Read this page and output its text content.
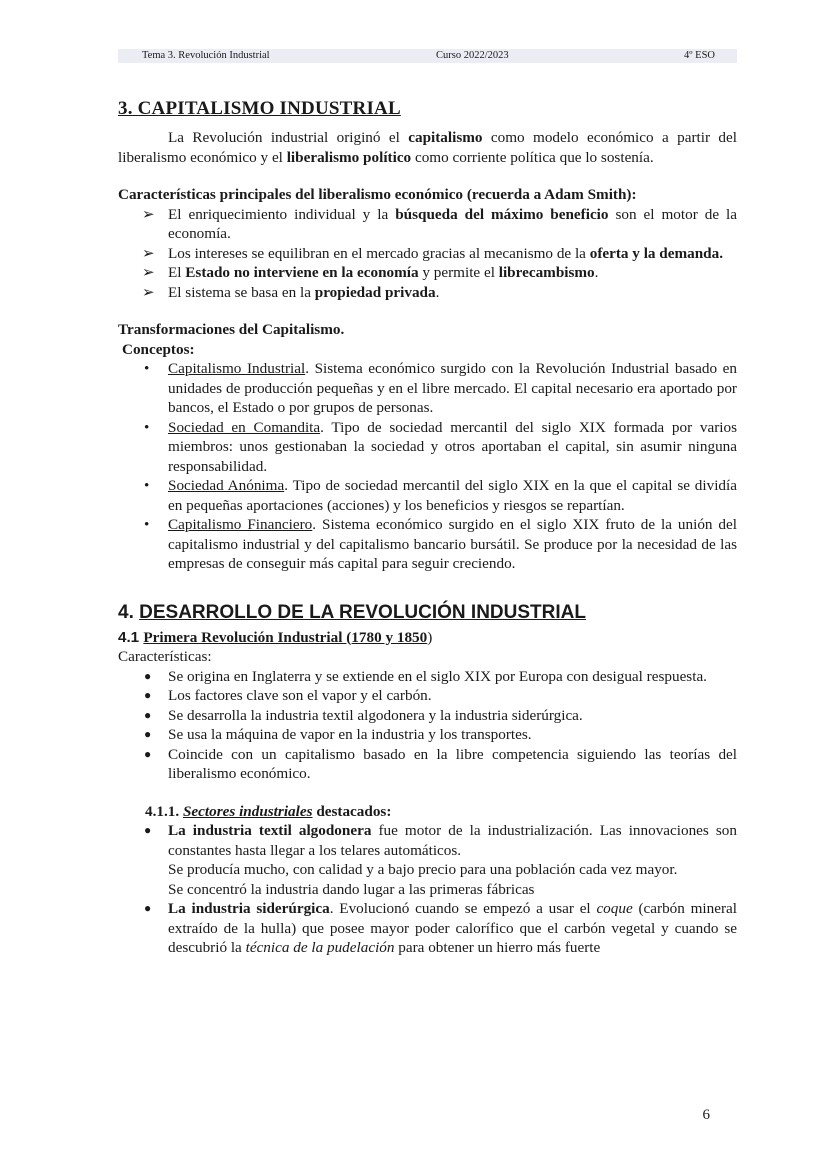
Tema 3. Revolución Industrial	Curso 2022/2023	4º ESO
3. CAPITALISMO INDUSTRIAL

La Revolución industrial originó el capitalismo como modelo económico a partir del liberalismo económico y el liberalismo político como corriente política que lo sostenía.

Características principales del liberalismo económico (recuerda a Adam Smith):

➢ El enriquecimiento individual y la búsqueda del máximo beneficio son el motor de la economía.
➢ Los intereses se equilibran en el mercado gracias al mecanismo de la oferta y la demanda.
➢ El Estado no interviene en la economía y permite el librecambismo.
➢ El sistema se basa en la propiedad privada.

Transformaciones del Capitalismo.

Conceptos:

• Capitalismo Industrial. Sistema económico surgido con la Revolución Industrial basado en unidades de producción pequeñas y en el libre mercado. El capital necesario era aportado por bancos, el Estado o por grupos de personas.
• Sociedad en Comandita. Tipo de sociedad mercantil del siglo XIX formada por varios miembros: unos gestionaban la sociedad y otros aportaban el capital, sin asumir ninguna responsabilidad.
• Sociedad Anónima. Tipo de sociedad mercantil del siglo XIX en la que el capital se dividía en pequeñas aportaciones (acciones) y los beneficios y riesgos se repartían.
• Capitalismo Financiero. Sistema económico surgido en el siglo XIX fruto de la unión del capitalismo industrial y del capitalismo bancario bursátil. Se produce por la necesidad de las empresas de conseguir más capital para seguir creciendo.
4. DESARROLLO DE LA REVOLUCIÓN INDUSTRIAL

4.1 Primera Revolución Industrial (1780 y 1850)

Características:

● Se origina en Inglaterra y se extiende en el siglo XIX por Europa con desigual respuesta.
● Los factores clave son el vapor y el carbón.
● Se desarrolla la industria textil algodonera y la industria siderúrgica.
● Se usa la máquina de vapor en la industria y los transportes.
● Coincide con un capitalismo basado en la libre competencia siguiendo las teorías del liberalismo económico.

4.1.1. Sectores industriales destacados:

● La industria textil algodonera fue motor de la industrialización. Las innovaciones son constantes hasta llegar a los telares automáticos.

Se producía mucho, con calidad y a bajo precio para una población cada vez mayor.

Se concentró la industria dando lugar a las primeras fábricas

● La industria siderúrgica. Evolucionó cuando se empezó a usar el coque (carbón mineral extraído de la hulla) que posee mayor poder calorífico que el carbón vegetal y cuando se descubrió la técnica de la pudelación para obtener un hierro más fuerte
6
